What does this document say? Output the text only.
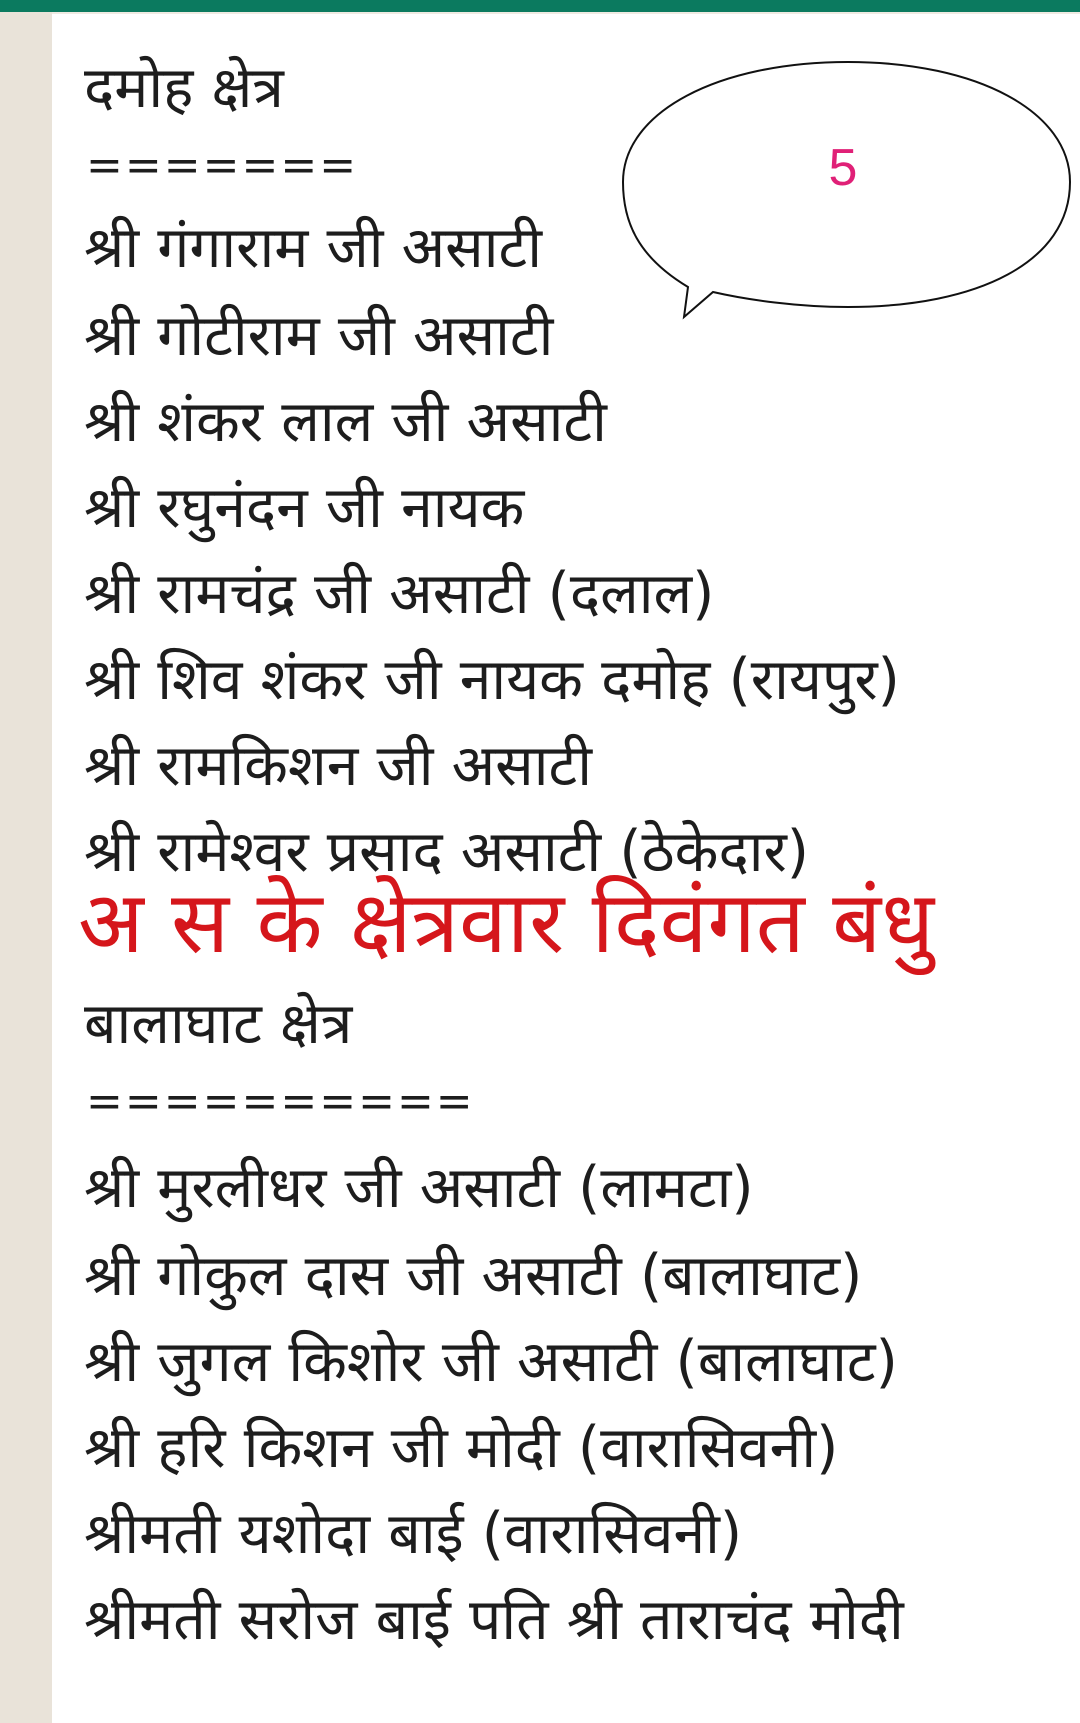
दमोह क्षेत्र
=======
श्री गंगाराम जी असाटी
श्री गोटीराम जी असाटी
श्री शंकर लाल जी असाटी
श्री रघुनंदन जी नायक
श्री रामचंद्र जी असाटी (दलाल)
श्री शिव शंकर जी नायक दमोह (रायपुर)
श्री रामकिशन जी असाटी
श्री रामेश्वर प्रसाद असाटी (ठेकेदार)
अ स के क्षेत्रवार दिवंगत बंधु
बालाघाट क्षेत्र
==========
श्री मुरलीधर जी असाटी (लामटा)
श्री गोकुल दास जी असाटी (बालाघाट)
श्री जुगल किशोर जी असाटी (बालाघाट)
श्री हरि किशन जी मोदी (वारासिवनी)
श्रीमती यशोदा बाई (वारासिवनी)
श्रीमती सरोज बाई पति श्री ताराचंद मोदी
5
